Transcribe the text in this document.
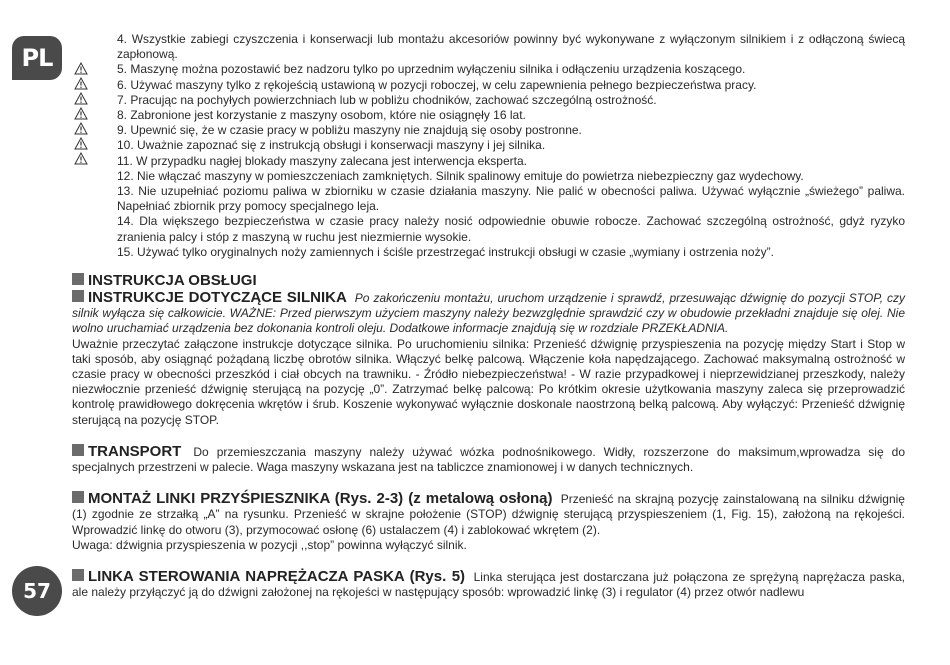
PL
57

4. Wszystkie zabiegi czyszczenia i konserwacji lub montażu akcesoriów powinny być wykonywane z wyłączonym silnikiem i z odłączoną świecą zapłonową.

5. Maszynę można pozostawić bez nadzoru tylko po uprzednim wyłączeniu silnika i odłączeniu urządzenia koszącego.

6. Używać maszyny tylko z rękojeścią ustawioną w pozycji roboczej, w celu zapewnienia pełnego bezpieczeństwa pracy.

7. Pracując na pochyłych powierzchniach lub w pobliżu chodników, zachować szczególną ostrożność.

8. Zabronione jest korzystanie z maszyny osobom, które nie osiągnęły 16 lat.

9. Upewnić się, że w czasie pracy w pobliżu maszyny nie znajdują się osoby postronne.

10. Uważnie zapoznać się z instrukcją obsługi i konserwacji maszyny i jej silnika.

11. W przypadku nagłej blokady maszyny zalecana jest interwencja eksperta.

12. Nie włączać maszyny w pomieszczeniach zamkniętych. Silnik spalinowy emituje do powietrza niebezpieczny gaz wydechowy.

13. Nie uzupełniać poziomu paliwa w zbiorniku w czasie działania maszyny. Nie palić w obecności paliwa. Używać wyłącznie „świeżego” paliwa. Napełniać zbiornik przy pomocy specjalnego leja.

14. Dla większego bezpieczeństwa w czasie pracy należy nosić odpowiednie obuwie robocze. Zachować szczególną ostrożność, gdyż ryzyko zranienia palcy i stóp z maszyną w ruchu jest niezmiernie wysokie.

15. Używać tylko oryginalnych noży zamiennych i ściśle przestrzegać instrukcji obsługi w czasie „wymiany i ostrzenia noży”.

INSTRUKCJA OBSŁUGI

INSTRUKCJE DOTYCZĄCE SILNIKA Po zakończeniu montażu, uruchom urządzenie i sprawdź, przesuwając dźwignię do pozycji STOP, czy silnik wyłącza się całkowicie. WAŻNE: Przed pierwszym użyciem maszyny należy bezwzględnie sprawdzić czy w obudowie przekładni znajduje się olej. Nie wolno uruchamiać urządzenia bez dokonania kontroli oleju. Dodatkowe informacje znajdują się w rozdziale PRZEKŁADNIA.

Uważnie przeczytać załączone instrukcje dotyczące silnika. Po uruchomieniu silnika: Przenieść dźwignię przyspieszenia na pozycję między Start i Stop w taki sposób, aby osiągnąć pożądaną liczbę obrotów silnika. Włączyć belkę palcową. Włączenie koła napędzającego. Zachować maksymalną ostrożność w czasie pracy w obecności przeszkód i ciał obcych na trawniku. - Źródło niebezpieczeństwa! - W razie przypadkowej i nieprzewidzianej przeszkody, należy niezwłocznie przenieść dźwignię sterującą na pozycję „0”. Zatrzymać belkę palcową: Po krótkim okresie użytkowania maszyny zaleca się przeprowadzić kontrolę prawidłowego dokręcenia wkrętów i śrub. Koszenie wykonywać wyłącznie doskonale naostrzoną belką palcową. Aby wyłączyć: Przenieść dźwignię sterującą na pozycję STOP.

TRANSPORT Do przemieszczania maszyny należy używać wózka podnośnikowego. Widły, rozszerzone do maksimum,wprowadza się do specjalnych przestrzeni w palecie. Waga maszyny wskazana jest na tabliczce znamionowej i w danych technicznych.

MONTAŻ LINKI PRZYŚPIESZNIKA (Rys. 2-3) (z metalową osłoną) Przenieść na skrajną pozycję zainstalowaną na silniku dźwignię (1) zgodnie ze strzałką „A” na rysunku. Przenieść w skrajne położenie (STOP) dźwignię sterującą przyspieszeniem (1, Fig. 15), założoną na rękojeści. Wprowadzić linkę do otworu (3), przymocować osłonę (6) ustalaczem (4) i zablokować wkrętem (2).

Uwaga: dźwignia przyspieszenia w pozycji ,,stop” powinna wyłączyć silnik.

LINKA STEROWANIA NAPRĘŻACZA PASKA (Rys. 5) Linka sterująca jest dostarczana już połączona ze sprężyną naprężacza paska, ale należy przyłączyć ją do dźwigni założonej na rękojeści w następujący sposób: wprowadzić linkę (3) i regulator (4) przez otwór nadlewu
